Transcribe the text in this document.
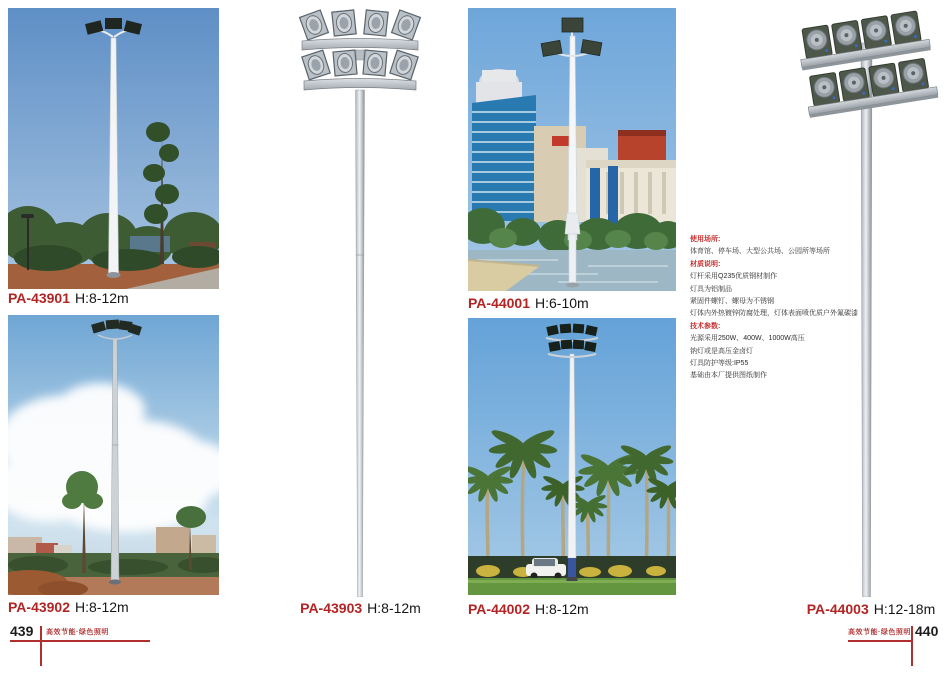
PA-43901 H:8-12m
PA-43902 H:8-12m	PA-43903 H:8-12m
PA-44001 H:6-10m
使用场所:
体育馆、停车场、大型公共场、公园所等场所
材质说明:
灯杆采用Q235优质钢材制作
灯具为铝制品
紧固件螺钉、螺母为不锈钢
灯体内外热镀锌防腐处理，灯体表面喷优质户外氟碳漆
技术参数:
光源采用250W、400W、1000W高压
钠灯或是高压金卤灯
灯具防护等级:IP55
基础由本厂提供图纸制作
PA-44002 H:8-12m	PA-44003 H:12-18m
439 高效节能·绿色照明	高效节能·绿色照明 440
